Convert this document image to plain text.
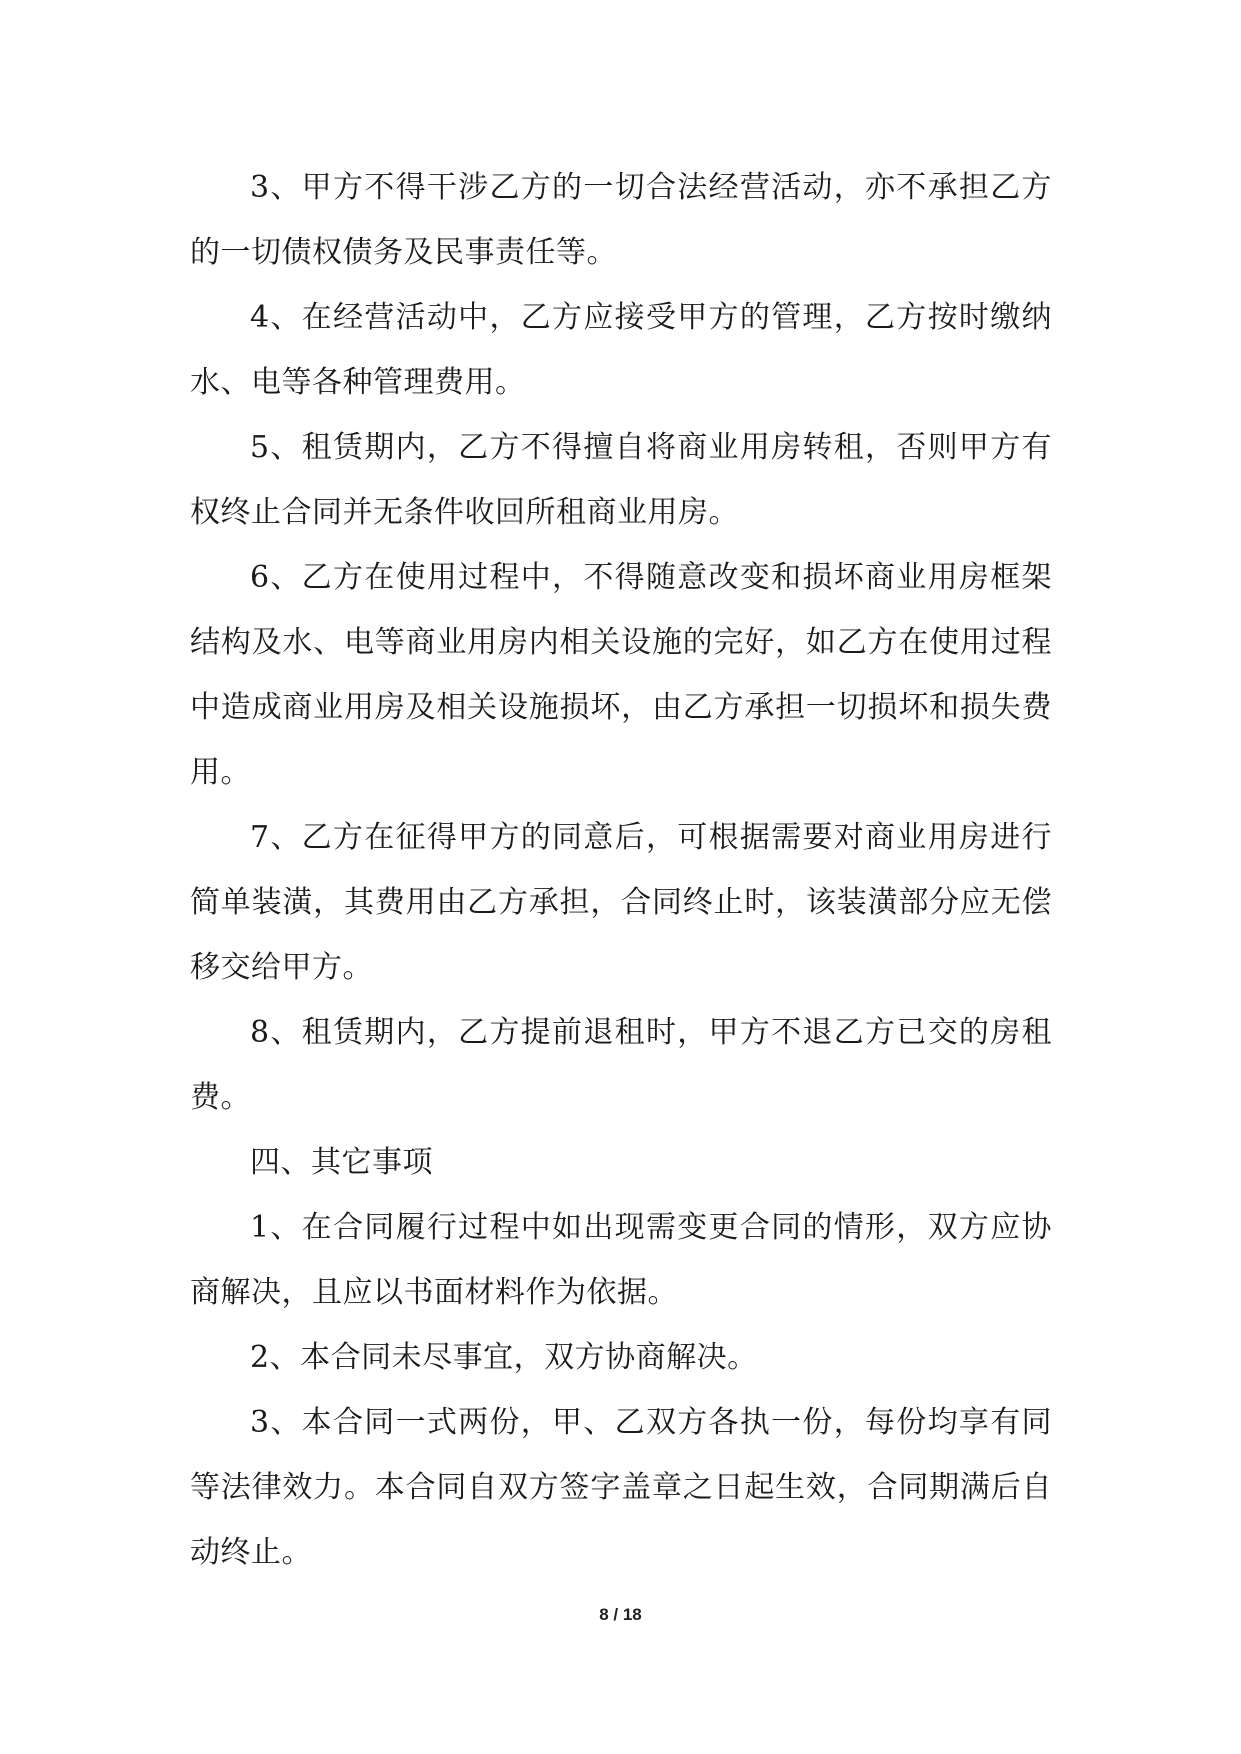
3、甲方不得干涉乙方的一切合法经营活动，亦不承担乙方的一切债权债务及民事责任等。

4、在经营活动中，乙方应接受甲方的管理，乙方按时缴纳水、电等各种管理费用。

5、租赁期内，乙方不得擅自将商业用房转租，否则甲方有权终止合同并无条件收回所租商业用房。

6、乙方在使用过程中，不得随意改变和损坏商业用房框架结构及水、电等商业用房内相关设施的完好，如乙方在使用过程中造成商业用房及相关设施损坏，由乙方承担一切损坏和损失费用。

7、乙方在征得甲方的同意后，可根据需要对商业用房进行简单装潢，其费用由乙方承担，合同终止时，该装潢部分应无偿移交给甲方。

8、租赁期内，乙方提前退租时，甲方不退乙方已交的房租费。

四、其它事项

1、在合同履行过程中如出现需变更合同的情形，双方应协商解决，且应以书面材料作为依据。

2、本合同未尽事宜，双方协商解决。

3、本合同一式两份，甲、乙双方各执一份，每份均享有同等法律效力。本合同自双方签字盖章之日起生效，合同期满后自动终止。

8 / 18
